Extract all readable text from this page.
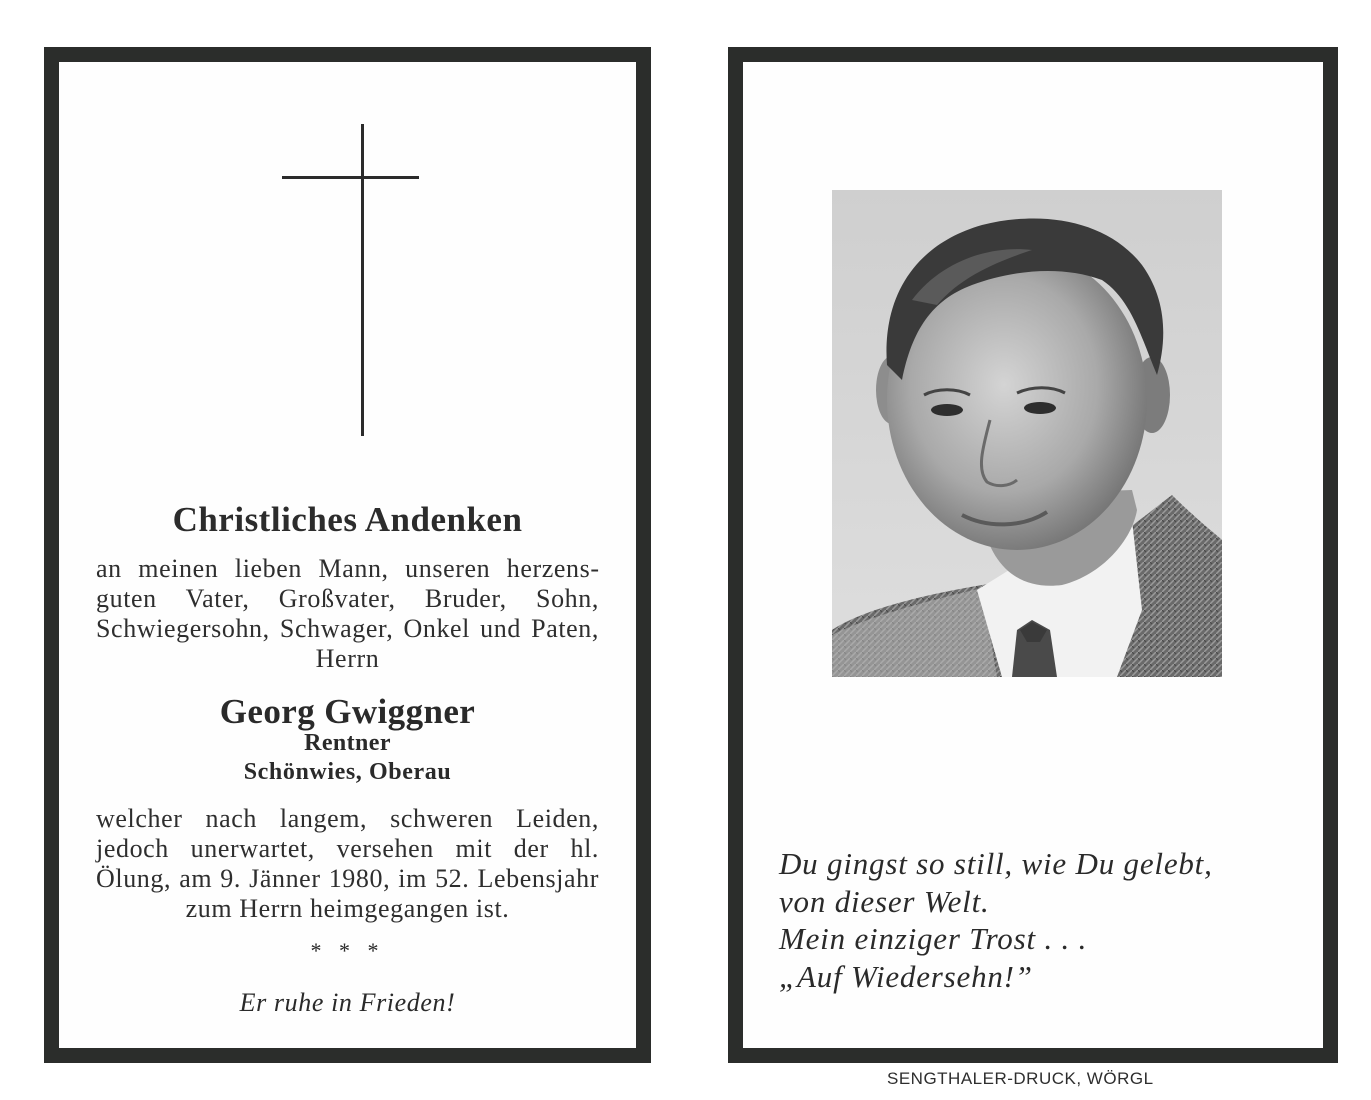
Christliches Andenken
an meinen lieben Mann, unseren herzensguten Vater, Großvater, Bruder, Sohn, Schwiegersohn, Schwager, Onkel und Paten, Herrn
Georg Gwiggner
Rentner
Schönwies, Oberau
welcher nach langem, schweren Leiden, jedoch unerwartet, versehen mit der hl. Ölung, am 9. Jänner 1980, im 52. Lebensjahr zum Herrn heimgegangen ist.
* * *
Er ruhe in Frieden!
Du gingst so still, wie Du gelebt,
von dieser Welt.
Mein einziger Trost . . .
„Auf Wiedersehn!”
SENGTHALER-DRUCK, WÖRGL
